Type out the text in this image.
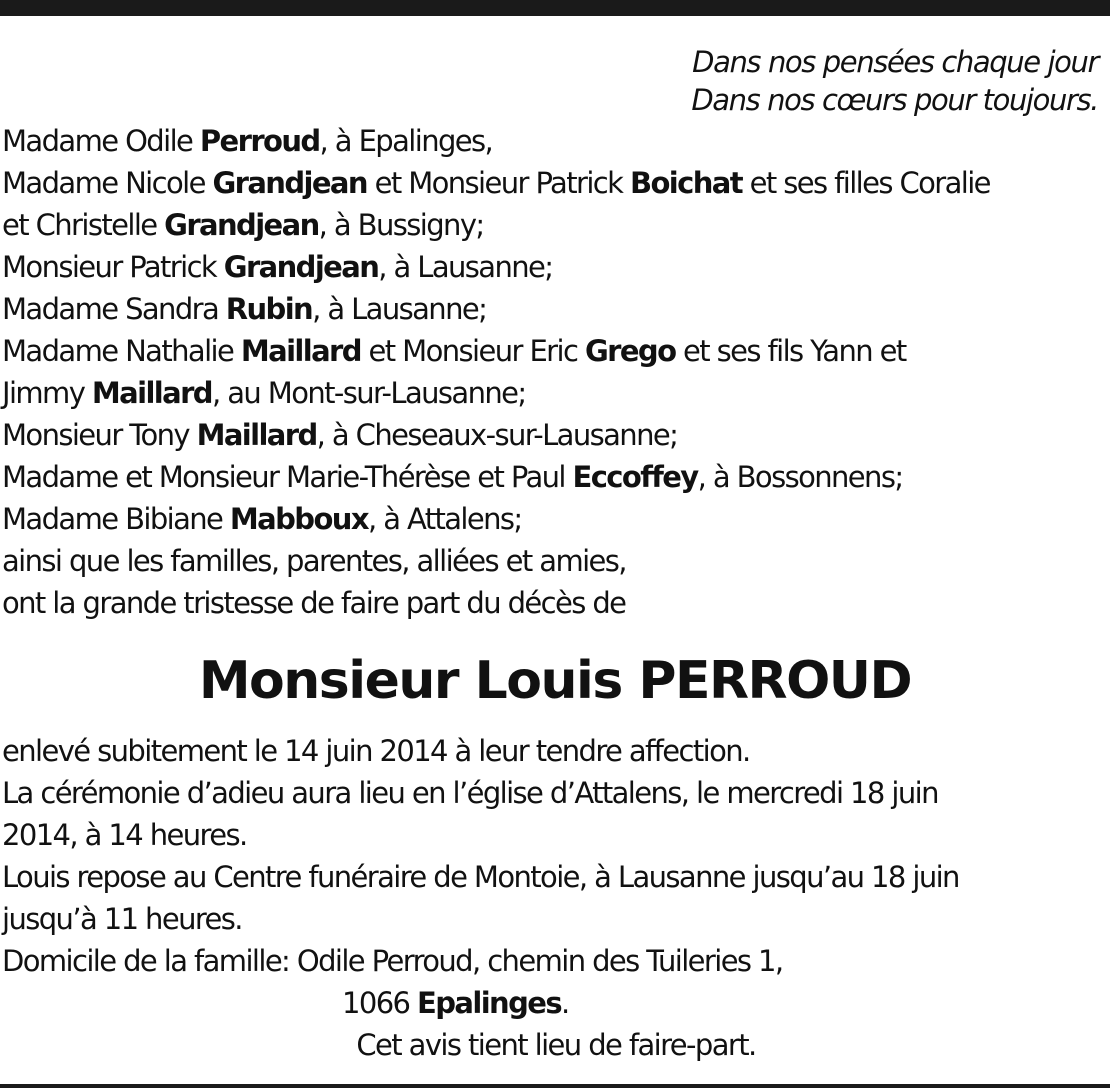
Dans nos pensées chaque jour
Dans nos cœurs pour toujours.
Madame Odile Perroud, à Epalinges,
Madame Nicole Grandjean et Monsieur Patrick Boichat et ses filles Coralie
et Christelle Grandjean, à Bussigny;
Monsieur Patrick Grandjean, à Lausanne;
Madame Sandra Rubin, à Lausanne;
Madame Nathalie Maillard et Monsieur Eric Grego et ses fils Yann et
Jimmy Maillard, au Mont-sur-Lausanne;
Monsieur Tony Maillard, à Cheseaux-sur-Lausanne;
Madame et Monsieur Marie-Thérèse et Paul Eccoffey, à Bossonnens;
Madame Bibiane Mabboux, à Attalens;
ainsi que les familles, parentes, alliées et amies,
ont la grande tristesse de faire part du décès de
Monsieur Louis PERROUD
enlevé subitement le 14 juin 2014 à leur tendre affection.
La cérémonie d’adieu aura lieu en l’église d’Attalens, le mercredi 18 juin
2014, à 14 heures.
Louis repose au Centre funéraire de Montoie, à Lausanne jusqu’au 18 juin
jusqu’à 11 heures.
Domicile de la famille: Odile Perroud, chemin des Tuileries 1,
1066 Epalinges.
Cet avis tient lieu de faire-part.
